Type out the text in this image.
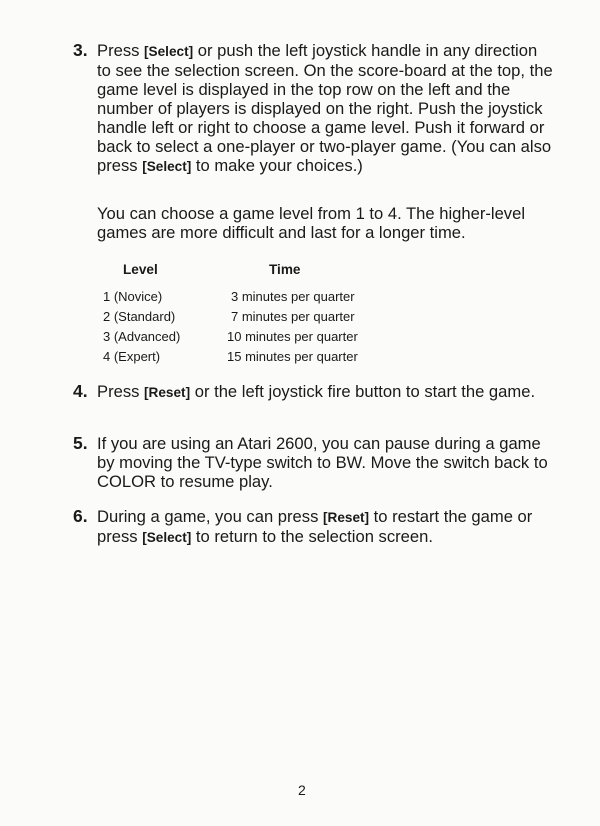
3. Press [Select] or push the left joystick handle in any direction to see the selection screen. On the score-board at the top, the game level is displayed in the top row on the left and the number of players is displayed on the right. Push the joystick handle left or right to choose a game level. Push it forward or back to select a one-player or two-player game. (You can also press [Select] to make your choices.)
You can choose a game level from 1 to 4. The higher-level games are more difficult and last for a longer time.
Level	Time
1 (Novice)	3 minutes per quarter
2 (Standard)	7 minutes per quarter
3 (Advanced)	10 minutes per quarter
4 (Expert)	15 minutes per quarter
4. Press [Reset] or the left joystick fire button to start the game.
5. If you are using an Atari 2600, you can pause during a game by moving the TV-type switch to BW. Move the switch back to COLOR to resume play.
6. During a game, you can press [Reset] to restart the game or press [Select] to return to the selection screen.
2
